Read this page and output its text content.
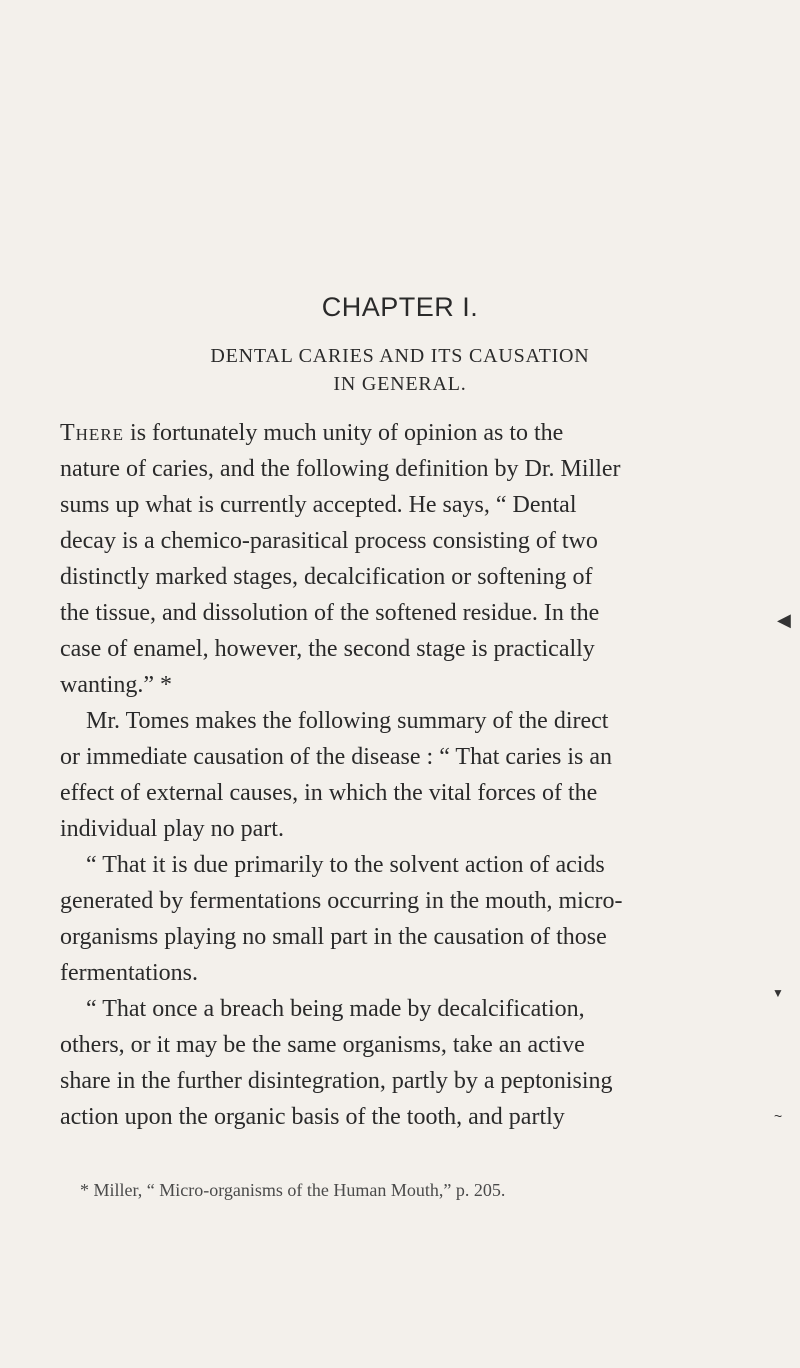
CHAPTER I.
DENTAL CARIES AND ITS CAUSATION
IN GENERAL.
There is fortunately much unity of opinion as to the
nature of caries, and the following definition by Dr. Miller
sums up what is currently accepted. He says, “ Dental
decay is a chemico-parasitical process consisting of two
distinctly marked stages, decalcification or softening of
the tissue, and dissolution of the softened residue. In the
case of enamel, however, the second stage is practically
wanting.” *
Mr. Tomes makes the following summary of the direct
or immediate causation of the disease : “ That caries is an
effect of external causes, in which the vital forces of the
individual play no part.
“ That it is due primarily to the solvent action of acids
generated by fermentations occurring in the mouth, micro-
organisms playing no small part in the causation of those
fermentations.
“ That once a breach being made by decalcification,
others, or it may be the same organisms, take an active
share in the further disintegration, partly by a peptonising
action upon the organic basis of the tooth, and partly
* Miller, “ Micro-organisms of the Human Mouth,” p. 205.
◀
▼
~
